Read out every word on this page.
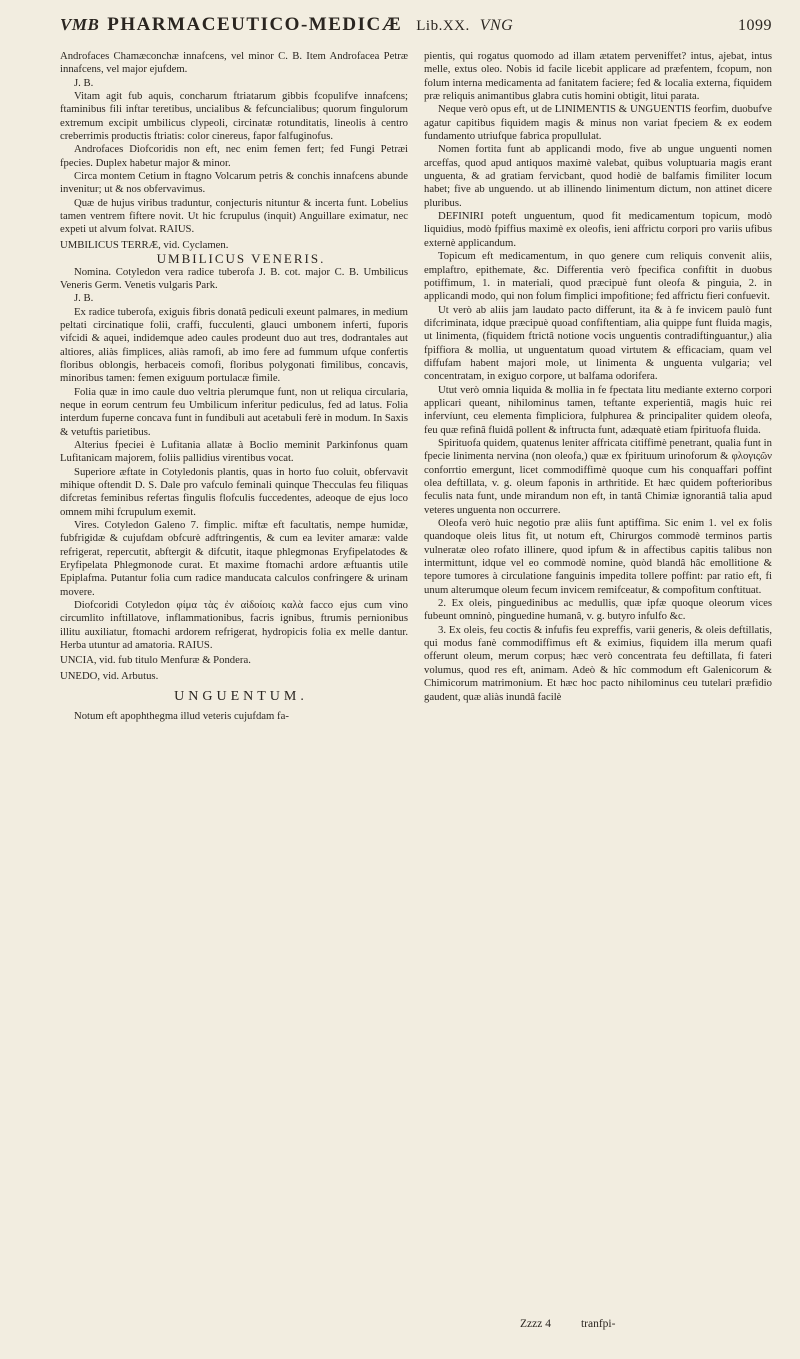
VMB PHARMACEUTICO-MEDICÆ Lib.XX. VNG	1099

Androfaces Chamæconchæ innafcens, vel minor C. B. Item Androfacea Petræ innafcens, vel major ejufdem.

J. B.

Vitam agit fub aquis, concharum ftriatarum gibbis fcopulifve innafcens; ftaminibus fili inftar teretibus, uncialibus & fefcuncialibus; quorum fingulorum extremum excipit umbilicus clypeoli, circinatæ rotunditatis, lineolis à centro creberrimis productis ftriatis: color cinereus, fapor falfuginofus.

Androfaces Diofcoridis non eft, nec enim femen fert; fed Fungi Petræi fpecies. Duplex habetur major & minor.

Circa montem Cetium in ftagno Volcarum petris & conchis innafcens abunde invenitur; ut & nos obfervavimus.

Quæ de hujus viribus traduntur, conjecturis nituntur & incerta funt. Lobelius tamen ventrem fiftere novit. Ut hic fcrupulus (inquit) Anguillare eximatur, nec expeti ut alvum folvat. RAIUS.

UMBILICUS TERRÆ, vid. Cyclamen.

UMBILICUS VENERIS.

Nomina. Cotyledon vera radice tuberofa J. B. cot. major C. B. Umbilicus Veneris Germ. Venetis vulgaris Park.

J. B.

Ex radice tuberofa, exiguis fibris donatâ pediculi exeunt palmares, in medium peltati circinatique folii, craffi, fucculenti, glauci umbonem inferti, fuporis vifcidi & aquei, indidemque adeo caules prodeunt duo aut tres, dodrantales aut altiores, aliàs fimplices, aliàs ramofi, ab imo fere ad fummum ufque confertis floribus oblongis, herbaceis comofi, floribus polygonati fimilibus, concavis, minoribus tamen: femen exiguum portulacæ fimile.

Folia quæ in imo caule duo veltria plerumque funt, non ut reliqua circularia, neque in eorum centrum feu Umbilicum inferitur pediculus, fed ad latus. Folia interdum fuperne concava funt in fundibuli aut acetabuli ferè in modum. In Saxis & vetuftis parietibus.

Alterius fpeciei è Lufitania allatæ à Boclio meminit Parkinfonus quam Lufitanicam majorem, foliis pallidius virentibus vocat.

Superiore æftate in Cotyledonis plantis, quas in horto fuo coluit, obfervavit mihique oftendit D. S. Dale pro vafculo feminali quinque Thecculas feu filiquas difcretas feminibus refertas fingulis flofculis fuccedentes, adeoque de ejus loco omnem mihi fcrupulum exemit.

Vires. Cotyledon Galeno 7. fimplic. miftæ eft facultatis, nempe humidæ, fubfrigidæ & cujufdam obfcurè adftringentis, & cum ea leviter amaræ: valde refrigerat, repercutit, abftergit & difcutit, itaque phlegmonas Eryfipelatodes & Eryfipelata Phlegmonode curat. Et maxime ftomachi ardore æftuantis utile Epiplafma. Putantur folia cum radice manducata calculos confringere & urinam movere.

Diofcoridi Cotyledon φίμα τὰς ἐν αἰδοίοις καλὰ facco ejus cum vino circumlito inftillatove, inflammationibus, facris ignibus, ftrumis pernionibus illitu auxiliatur, ftomachi ardorem refrigerat, hydropicis folia ex melle dantur. Herba utuntur ad amatoria. RAIUS.

UNCIA, vid. fub titulo Menfuræ & Pondera.

UNEDO, vid. Arbutus.

UNGUENTUM.

Notum eft apophthegma illud veteris cujufdam fa-

pientis, qui rogatus quomodo ad illam ætatem perveniffet? intus, ajebat, intus melle, extus oleo. Nobis id facile licebit applicare ad præfentem, fcopum, non folum interna medicamenta ad fanitatem faciere; fed & localia externa, fiquidem præ reliquis animantibus glabra cutis homini obtigit, litui parata.

Neque verò opus eft, ut de LINIMENTIS & UNGUENTIS feorfim, duobufve agatur capitibus fiquidem magis & minus non variat fpeciem & ex eodem fundamento utriufque fabrica propullulat.

Nomen fortita funt ab applicandi modo, five ab ungue unguenti nomen arceffas, quod apud antiquos maximè valebat, quibus voluptuaria magis erant unguenta, & ad gratiam fervicbant, quod hodiè de balfamis fimiliter locum habet; five ab unguendo. ut ab illinendo linimentum dictum, non attinet dicere pluribus.

DEFINIRI poteft unguentum, quod fit medicamentum topicum, modò liquidius, modò fpiffius maximè ex oleofis, ieni affrictu corpori pro variis ufibus externè applicandum.

Topicum eft medicamentum, in quo genere cum reliquis convenit aliis, emplaftro, epithemate, &c. Differentia verò fpecifica confiftit in duobus potiffimum, 1. in materiali, quod præcipuè funt oleofa & pinguia, 2. in applicandi modo, qui non folum fimplici impofitione; fed affrictu fieri confuevit.

Ut verò ab aliis jam laudato pacto differunt, ita & à fe invicem paulò funt difcriminata, idque præcipuè quoad confiftentiam, alia quippe funt fluida magis, ut linimenta, (fiquidem ftrictâ notione vocis unguentis contradiftinguantur,) alia fpiffiora & mollia, ut unguentatum quoad virtutem & efficaciam, quam vel diffufam habent majori mole, ut linimenta & unguenta vulgaria; vel concentratam, in exiguo corpore, ut balfama odorifera.

Utut verò omnia liquida & mollia in fe fpectata litu mediante externo corpori applicari queant, nihilominus tamen, teftante experientiâ, magis huic rei infervíunt, ceu elementa fimpliciora, fulphurea & principaliter quidem oleofa, feu quæ refinâ fluidâ pollent & inftructa funt, adæquatè etiam fpirituofa fluida.

Spirituofa quidem, quatenus leniter affricata citiffimè penetrant, qualia funt in fpecie linimenta nervina (non oleofa,) quæ ex fpirituum urinoforum & φλογιςῶν conforrtio emergunt, licet commodiffimè quoque cum his conquaffari poffint olea deftillata, v. g. oleum faponis in arthritide. Et hæc quidem pofterioribus feculis nata funt, unde mirandum non eft, in tantâ Chimiæ ignorantiâ talia apud veteres unguenta non occurrere.

Oleofa verò huic negotio præ aliis funt aptiffima. Sic enim 1. vel ex folis quandoque oleis litus fit, ut notum eft, Chirurgos commodè terminos partis vulneratæ oleo rofato illinere, quod ipfum & in affectibus capitis talibus non intermittunt, idque vel eo commodè nomine, quòd blandâ hâc emollitione & tepore tumores à circulatione fanguinis impedita tollere poffint: par ratio eft, fi unum alterumque oleum fecum invicem remifceatur, & compofitum conftituat.

2. Ex oleis, pinguedinibus ac medullis, quæ ipfæ quoque oleorum vices fubeunt omninò, pinguedine humanâ, v. g. butyro infulfo &c.

3. Ex oleis, feu coctis & infufis feu expreffis, varii generis, & oleis deftillatis, qui modus fanè commodiffimus eft & eximius, fiquidem illa merum quafi offerunt oleum, merum corpus; hæc verò concentrata feu deftillata, fi fateri volumus, quod res eft, animam. Adeò & hîc commodum eft Galenicorum & Chimicorum matrimonium. Et hæc hoc pacto nihilominus ceu tutelari præfidio gaudent, quæ aliàs inundâ facilè

Zzzz 4	tranfpi-
